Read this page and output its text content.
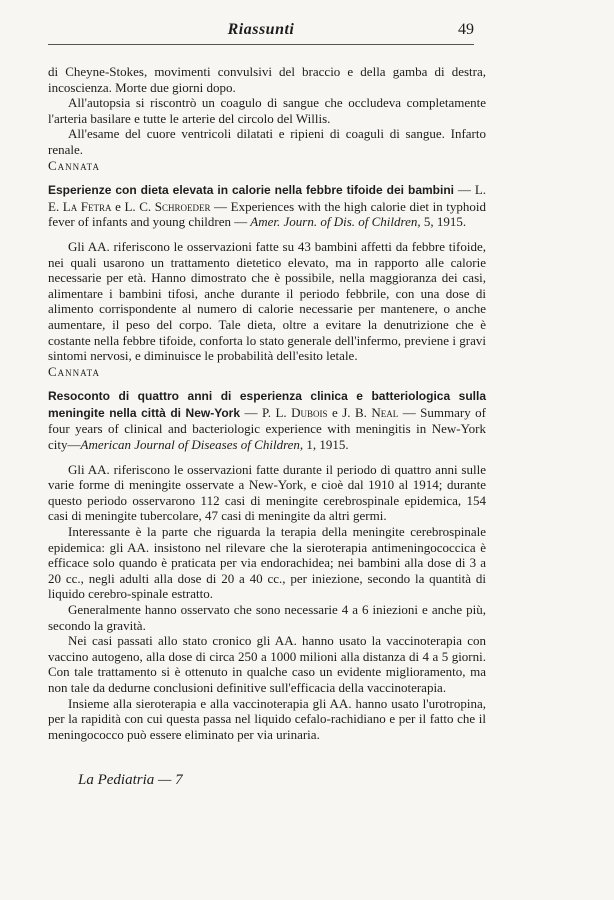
Riassunti	49

di Cheyne-Stokes, movimenti convulsivi del braccio e della gamba di destra, incoscienza. Morte due giorni dopo.

All'autopsia si riscontrò un coagulo di sangue che occludeva completamente l'arteria basilare e tutte le arterie del circolo del Willis.

All'esame del cuore ventricoli dilatati e ripieni di coaguli di sangue. Infarto renale.

Cannata

Esperienze con dieta elevata in calorie nella febbre tifoide dei bambini — L. E. La Fetra e L. C. Schroeder — Experiences with the high calorie diet in typhoid fever of infants and young children — Amer. Journ. of Dis. of Children, 5, 1915.

Gli AA. riferiscono le osservazioni fatte su 43 bambini affetti da febbre tifoide, nei quali usarono un trattamento dietetico elevato, ma in rapporto alle calorie necessarie per età. Hanno dimostrato che è possibile, nella maggioranza dei casi, alimentare i bambini tifosi, anche durante il periodo febbrile, con una dose di alimento corrispondente al numero di calorie necessarie per mantenere, o anche aumentare, il peso del corpo. Tale dieta, oltre a evitare la denutrizione che è costante nella febbre tifoide, conforta lo stato generale dell'infermo, previene i gravi sintomi nervosi, e diminuisce le probabilità dell'esito letale.

Cannata

Resoconto di quattro anni di esperienza clinica e batteriologica sulla meningite nella città di New-York — P. L. Dubois e J. B. Neal — Summary of four years of clinical and bacteriologic experience with meningitis in New-York city—American Journal of Diseases of Children, 1, 1915.

Gli AA. riferiscono le osservazioni fatte durante il periodo di quattro anni sulle varie forme di meningite osservate a New-York, e cioè dal 1910 al 1914; durante questo periodo osservarono 112 casi di meningite cerebrospinale epidemica, 154 casi di meningite tubercolare, 47 casi di meningite da altri germi.

Interessante è la parte che riguarda la terapia della meningite cerebrospinale epidemica: gli AA. insistono nel rilevare che la sieroterapia antimeningococcica è efficace solo quando è praticata per via endorachidea; nei bambini alla dose di 3 a 20 cc., negli adulti alla dose di 20 a 40 cc., per iniezione, secondo la quantità di liquido cerebro-spinale estratto.

Generalmente hanno osservato che sono necessarie 4 a 6 iniezioni e anche più, secondo la gravità.

Nei casi passati allo stato cronico gli AA. hanno usato la vaccinoterapia con vaccino autogeno, alla dose di circa 250 a 1000 milioni alla distanza di 4 a 5 giorni. Con tale trattamento si è ottenuto in qualche caso un evidente miglioramento, ma non tale da dedurne conclusioni definitive sull'efficacia della vaccinoterapia.

Insieme alla sieroterapia e alla vaccinoterapia gli AA. hanno usato l'urotropina, per la rapidità con cui questa passa nel liquido cefalo-rachidiano e per il fatto che il meningococco può essere eliminato per via urinaria.

La Pediatria — 7
